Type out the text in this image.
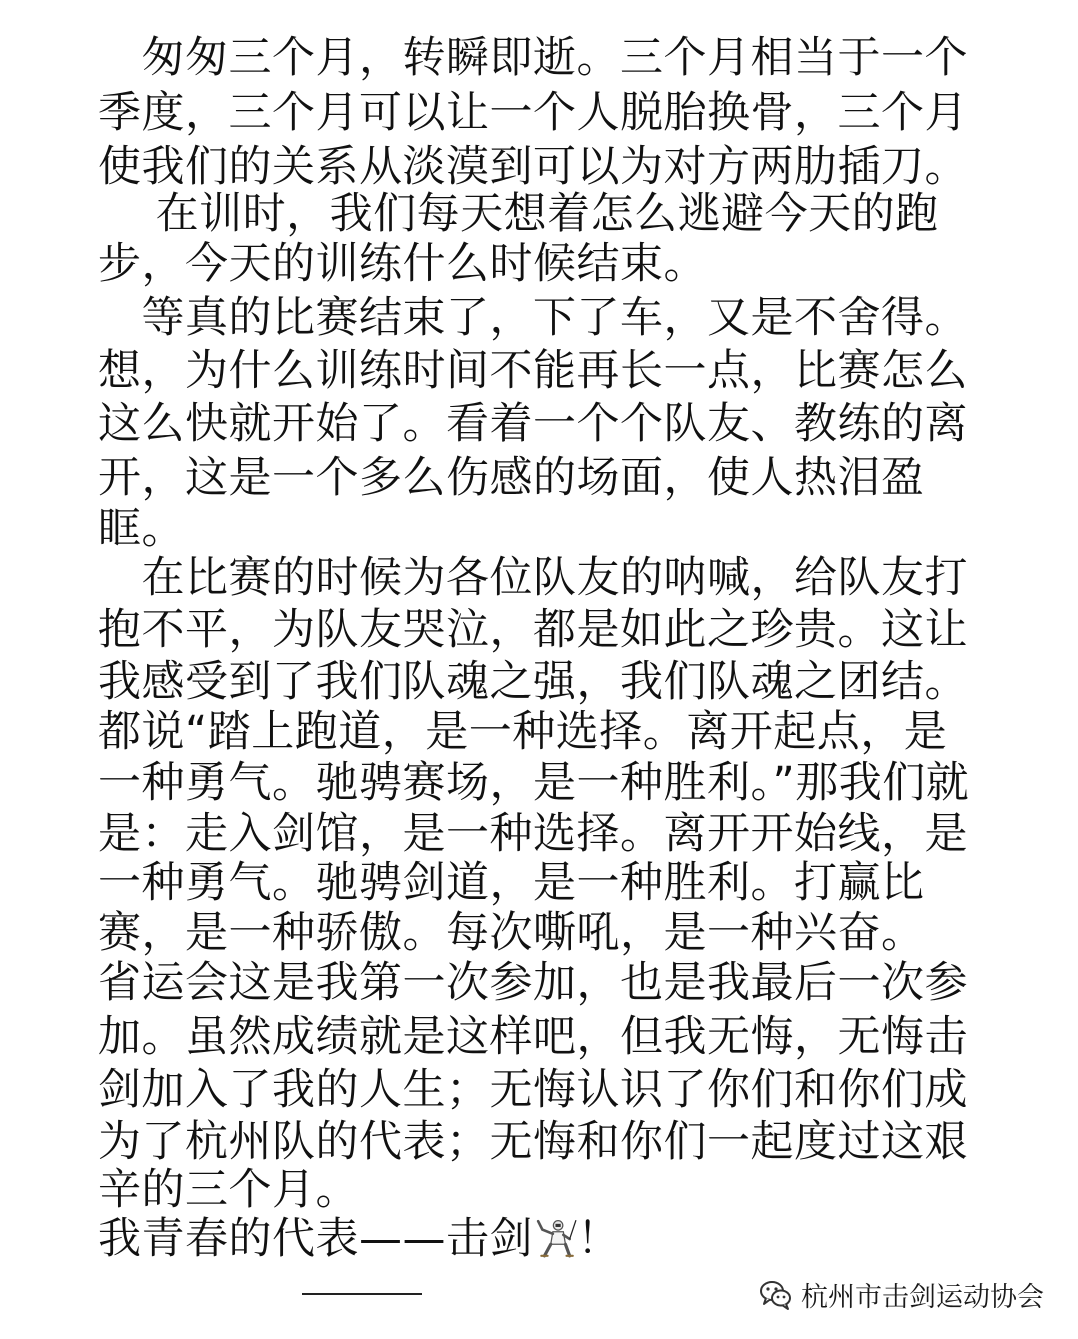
　匆匆三个月，转瞬即逝。三个月相当于一个
季度，三个月可以让一个人脱胎换骨，三个月
使我们的关系从淡漠到可以为对方两肋插刀。
　 在训时，我们每天想着怎么逃避今天的跑
步，今天的训练什么时候结束。
　等真的比赛结束了，下了车，又是不舍得。
想，为什么训练时间不能再长一点，比赛怎么
这么快就开始了。看着一个个队友、教练的离
开，这是一个多么伤感的场面，使人热泪盈
眶。
　在比赛的时候为各位队友的呐喊，给队友打
抱不平，为队友哭泣，都是如此之珍贵。这让
我感受到了我们队魂之强，我们队魂之团结。
都说“踏上跑道，是一种选择。离开起点，是
一种勇气。驰骋赛场，是一种胜利。”那我们就
是：走入剑馆，是一种选择。离开开始线，是
一种勇气。驰骋剑道，是一种胜利。打赢比
赛，是一种骄傲。每次嘶吼，是一种兴奋。
省运会这是我第一次参加，也是我最后一次参
加。虽然成绩就是这样吧，但我无悔，无悔击
剑加入了我的人生；无悔认识了你们和你们成
为了杭州队的代表；无悔和你们一起度过这艰
辛的三个月。
我青春的代表——击剑 ！
杭州市击剑运动协会
